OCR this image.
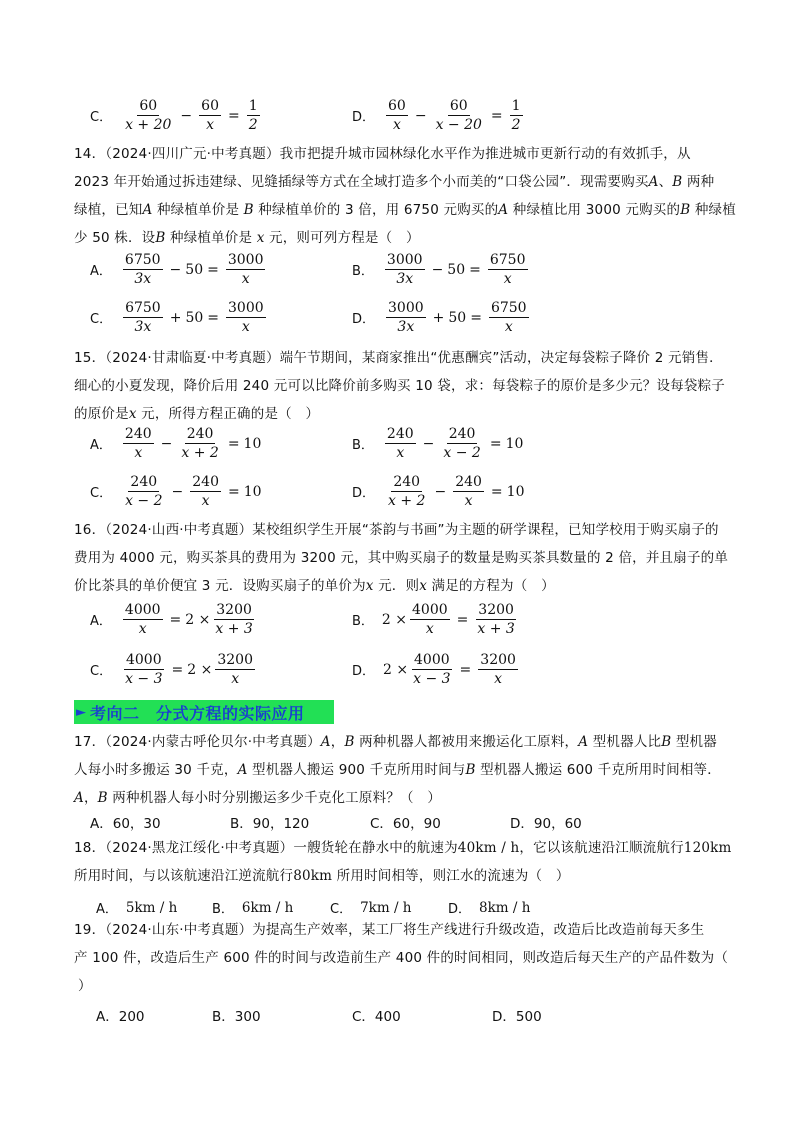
C． $\frac{60}{x + 20} - \frac{60}{x} = \frac{1}{2}$	D． $\frac{60}{x} - \frac{60}{x - 20} = \frac{1}{2}$
14．（2024·四川广元·中考真题）我市把提升城市园林绿化水平作为推进城市更新行动的有效抓手，从
2023 年开始通过拆违建绿、见缝插绿等方式在全域打造多个小而美的“口袋公园”．现需要购买A、B 两种
绿植，已知A 种绿植单价是 B 种绿植单价的 3 倍，用 6750 元购买的A 种绿植比用 3000 元购买的B 种绿植
少 50 株．设B 种绿植单价是 x 元，则可列方程是（　）
A． $\frac{6750}{3x} - 50 = \frac{3000}{x}$	B． $\frac{3000}{3x} - 50 = \frac{6750}{x}$
C． $\frac{6750}{3x} + 50 = \frac{3000}{x}$	D． $\frac{3000}{3x} + 50 = \frac{6750}{x}$
15．（2024·甘肃临夏·中考真题）端午节期间，某商家推出“优惠酬宾”活动，决定每袋粽子降价 2 元销售．
细心的小夏发现，降价后用 240 元可以比降价前多购买 10 袋，求：每袋粽子的原价是多少元？设每袋粽子
的原价是x 元，所得方程正确的是（　）
A． $\frac{240}{x} - \frac{240}{x + 2} = 10$	B． $\frac{240}{x} - \frac{240}{x - 2} = 10$
C． $\frac{240}{x - 2} - \frac{240}{x} = 10$	D． $\frac{240}{x + 2} - \frac{240}{x} = 10$
16．（2024·山西·中考真题）某校组织学生开展“茶韵与书画”为主题的研学课程，已知学校用于购买扇子的
费用为 4000 元，购买茶具的费用为 3200 元，其中购买扇子的数量是购买茶具数量的 2 倍，并且扇子的单
价比茶具的单价便宜 3 元．设购买扇子的单价为x 元．则x 满足的方程为（　）
A． $\frac{4000}{x} = 2 \times \frac{3200}{x + 3}$	B． $2 \times \frac{4000}{x} = \frac{3200}{x + 3}$
C． $\frac{4000}{x - 3} = 2 \times \frac{3200}{x}$	D． $2 \times \frac{4000}{x - 3} = \frac{3200}{x}$
► 考向二　分式方程的实际应用
17．（2024·内蒙古呼伦贝尔·中考真题）A，B 两种机器人都被用来搬运化工原料，A 型机器人比B 型机器
人每小时多搬运 30 千克，A 型机器人搬运 900 千克所用时间与B 型机器人搬运 600 千克所用时间相等．
A，B 两种机器人每小时分别搬运多少千克化工原料？（　）
A．60，30	B．90，120	C．60，90	D．90，60
18．（2024·黑龙江绥化·中考真题）一艘货轮在静水中的航速为40km / h，它以该航速沿江顺流航行120km
所用时间，与以该航速沿江逆流航行80km 所用时间相等，则江水的流速为（　）
A． 5km / h	B． 6km / h	C． 7km / h	D． 8km / h
19．（2024·山东·中考真题）为提高生产效率，某工厂将生产线进行升级改造，改造后比改造前每天多生
产 100 件，改造后生产 600 件的时间与改造前生产 400 件的时间相同，则改造后每天生产的产品件数为（
）
A．200	B．300	C．400	D．500
